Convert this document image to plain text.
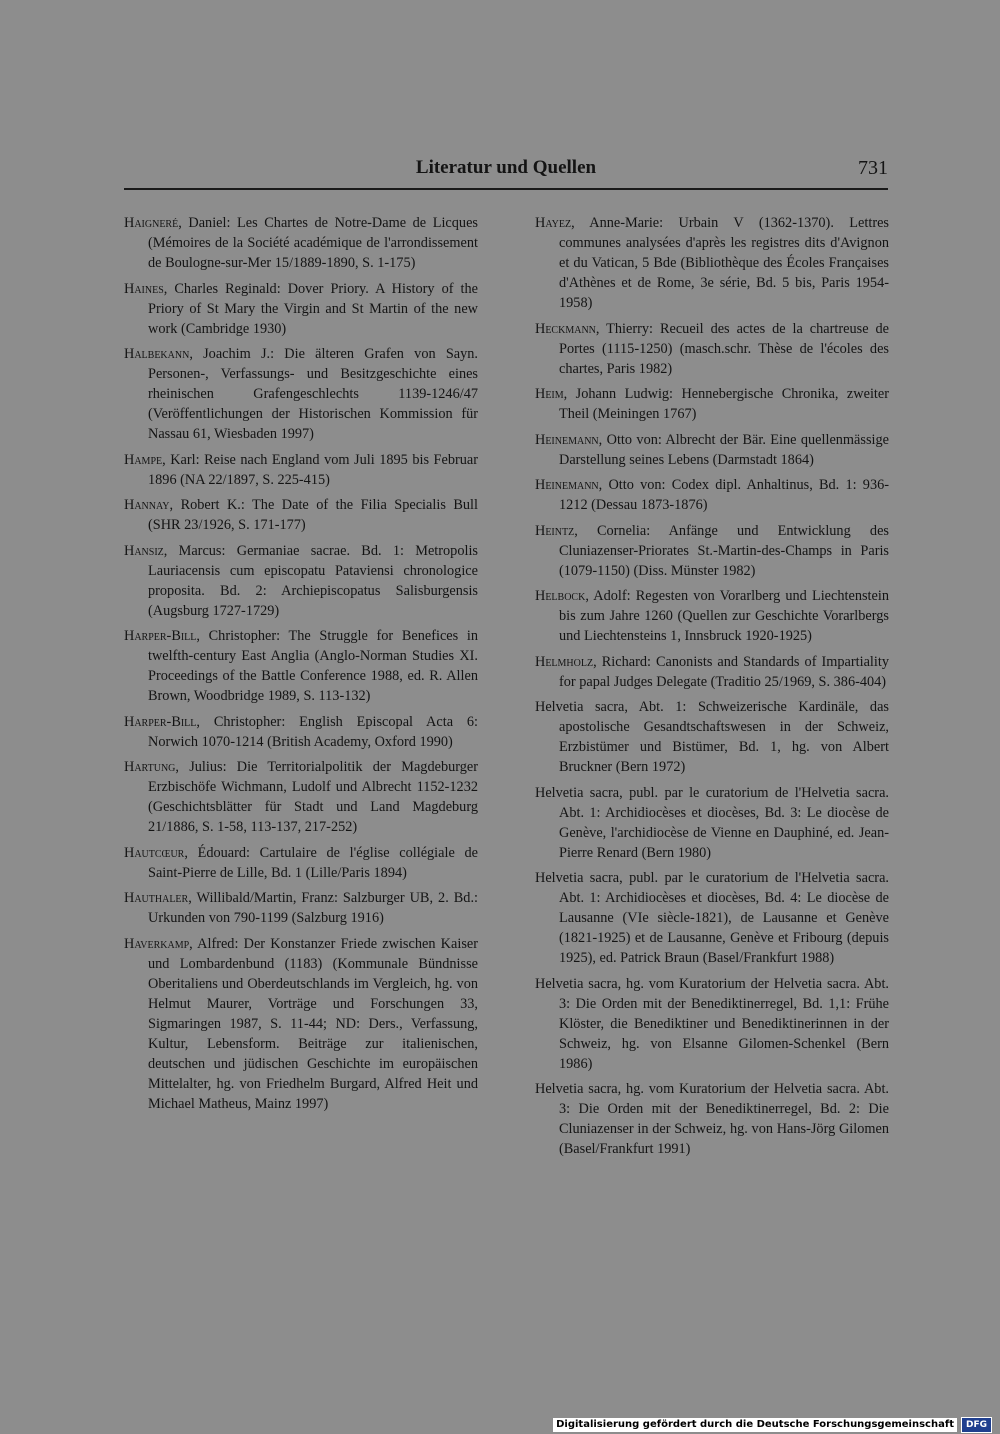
Literatur und Quellen	731

Haigneré, Daniel: Les Chartes de Notre-Dame de Licques (Mémoires de la Société académique de l'arrondissement de Boulogne-sur-Mer 15/1889-1890, S. 1-175)

Haines, Charles Reginald: Dover Priory. A History of the Priory of St Mary the Virgin and St Martin of the new work (Cambridge 1930)

Halbekann, Joachim J.: Die älteren Grafen von Sayn. Personen-, Verfassungs- und Besitzgeschichte eines rheinischen Grafengeschlechts 1139-1246/47 (Veröffentlichungen der Historischen Kommission für Nassau 61, Wiesbaden 1997)

Hampe, Karl: Reise nach England vom Juli 1895 bis Februar 1896 (NA 22/1897, S. 225-415)

Hannay, Robert K.: The Date of the Filia Specialis Bull (SHR 23/1926, S. 171-177)

Hansiz, Marcus: Germaniae sacrae. Bd. 1: Metropolis Lauriacensis cum episcopatu Pataviensi chronologice proposita. Bd. 2: Archiepiscopatus Salisburgensis (Augsburg 1727-1729)

Harper-Bill, Christopher: The Struggle for Benefices in twelfth-century East Anglia (Anglo-Norman Studies XI. Proceedings of the Battle Conference 1988, ed. R. Allen Brown, Woodbridge 1989, S. 113-132)

Harper-Bill, Christopher: English Episcopal Acta 6: Norwich 1070-1214 (British Academy, Oxford 1990)

Hartung, Julius: Die Territorialpolitik der Magdeburger Erzbischöfe Wichmann, Ludolf und Albrecht 1152-1232 (Geschichtsblätter für Stadt und Land Magdeburg 21/1886, S. 1-58, 113-137, 217-252)

Hautcœur, Édouard: Cartulaire de l'église collégiale de Saint-Pierre de Lille, Bd. 1 (Lille/Paris 1894)

Hauthaler, Willibald/Martin, Franz: Salzburger UB, 2. Bd.: Urkunden von 790-1199 (Salzburg 1916)

Haverkamp, Alfred: Der Konstanzer Friede zwischen Kaiser und Lombardenbund (1183) (Kommunale Bündnisse Oberitaliens und Oberdeutschlands im Vergleich, hg. von Helmut Maurer, Vorträge und Forschungen 33, Sigmaringen 1987, S. 11-44; ND: Ders., Verfassung, Kultur, Lebensform. Beiträge zur italienischen, deutschen und jüdischen Geschichte im europäischen Mittelalter, hg. von Friedhelm Burgard, Alfred Heit und Michael Matheus, Mainz 1997)

Hayez, Anne-Marie: Urbain V (1362-1370). Lettres communes analysées d'après les registres dits d'Avignon et du Vatican, 5 Bde (Bibliothèque des Écoles Françaises d'Athènes et de Rome, 3e série, Bd. 5 bis, Paris 1954-1958)

Heckmann, Thierry: Recueil des actes de la chartreuse de Portes (1115-1250) (masch.schr. Thèse de l'écoles des chartes, Paris 1982)

Heim, Johann Ludwig: Hennebergische Chronika, zweiter Theil (Meiningen 1767)

Heinemann, Otto von: Albrecht der Bär. Eine quellenmässige Darstellung seines Lebens (Darmstadt 1864)

Heinemann, Otto von: Codex dipl. Anhaltinus, Bd. 1: 936-1212 (Dessau 1873-1876)

Heintz, Cornelia: Anfänge und Entwicklung des Cluniazenser-Priorates St.-Martin-des-Champs in Paris (1079-1150) (Diss. Münster 1982)

Helbock, Adolf: Regesten von Vorarlberg und Liechtenstein bis zum Jahre 1260 (Quellen zur Geschichte Vorarlbergs und Liechtensteins 1, Innsbruck 1920-1925)

Helmholz, Richard: Canonists and Standards of Impartiality for papal Judges Delegate (Traditio 25/1969, S. 386-404)

Helvetia sacra, Abt. 1: Schweizerische Kardinäle, das apostolische Gesandtschaftswesen in der Schweiz, Erzbistümer und Bistümer, Bd. 1, hg. von Albert Bruckner (Bern 1972)

Helvetia sacra, publ. par le curatorium de l'Helvetia sacra. Abt. 1: Archidiocèses et diocèses, Bd. 3: Le diocèse de Genève, l'archidiocèse de Vienne en Dauphiné, ed. Jean-Pierre Renard (Bern 1980)

Helvetia sacra, publ. par le curatorium de l'Helvetia sacra. Abt. 1: Archidiocèses et diocèses, Bd. 4: Le diocèse de Lausanne (VIe siècle-1821), de Lausanne et Genève (1821-1925) et de Lausanne, Genève et Fribourg (depuis 1925), ed. Patrick Braun (Basel/Frankfurt 1988)

Helvetia sacra, hg. vom Kuratorium der Helvetia sacra. Abt. 3: Die Orden mit der Benediktinerregel, Bd. 1,1: Frühe Klöster, die Benediktiner und Benediktinerinnen in der Schweiz, hg. von Elsanne Gilomen-Schenkel (Bern 1986)

Helvetia sacra, hg. vom Kuratorium der Helvetia sacra. Abt. 3: Die Orden mit der Benediktinerregel, Bd. 2: Die Cluniazenser in der Schweiz, hg. von Hans-Jörg Gilomen (Basel/Frankfurt 1991)

Digitalisierung gefördert durch die Deutsche Forschungsgemeinschaft	DFG
